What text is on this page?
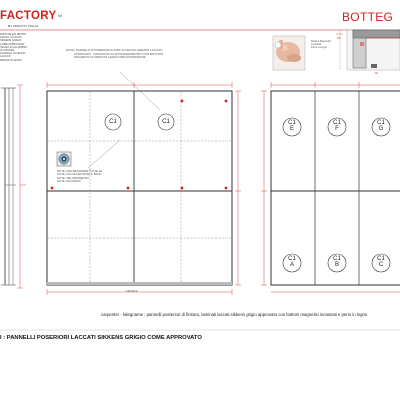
FACTORY
BY MINOTTI ITALIA
for	BOTTEG
FRONTALE E RETRO
LEGNO LACCATO
SIKKENS GRIGIO
COME APPROVATO
TELAIO IN ALLUMINIO
SU MISURA
SCAFFALI IN LEGNO
LACCATI
RIPIANI IN VETRO
NOTE: PANNELLI POSTERIORI IN MDF DI LEGNO GREZZO LACCATI
APPROVATI - FISSAGGIO AL DIVISIONE/RETRO CON BOTTONI
MAGNETICI E PERNI IN LEGNO PER ESTRAZIONE
Bottoni Magnetici
incassati
Perni in legno
NOTE: MAGNETIZZARE TUTTE LE
NOTE: FACCE DEL BASE IL BANC
NOTE: NEL PERIMETRO
NOTE: INCASSATI
A6
Ni
C1	C1	C1
E
C1
F
C1
G
C1
A
C1
B
C1
C
FRONTE
carpenter - falegname : pannelli posteriori di finitura, laminati laccati sikkens grigio approvato con bottoni magnetici incassati e perni in legno
I : PANNELLI POSERIORI LACCATI SIKKENS GRIGIO COME APPROVATO
